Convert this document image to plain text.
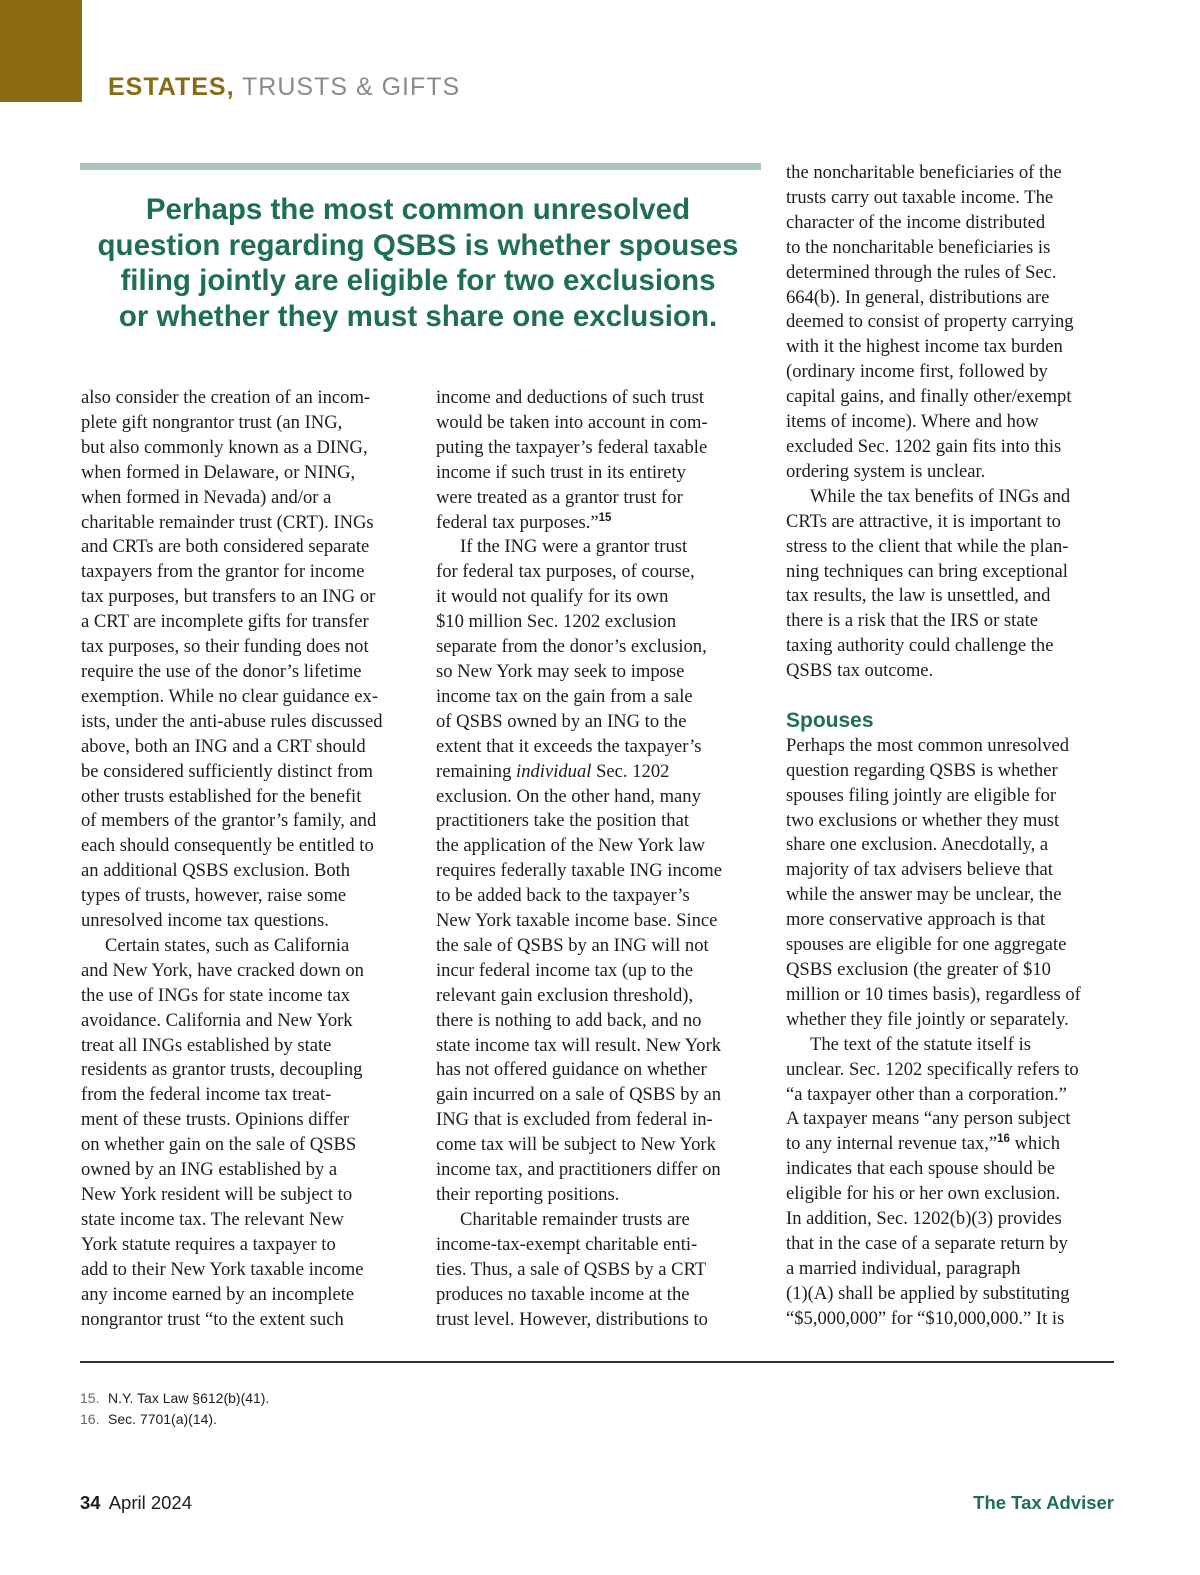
ESTATES, TRUSTS & GIFTS
Perhaps the most common unresolved
question regarding QSBS is whether spouses
filing jointly are eligible for two exclusions
or whether they must share one exclusion.
also consider the creation of an incom-
plete gift nongrantor trust (an ING,
but also commonly known as a DING,
when formed in Delaware, or NING,
when formed in Nevada) and/or a
charitable remainder trust (CRT). INGs
and CRTs are both considered separate
taxpayers from the grantor for income
tax purposes, but transfers to an ING or
a CRT are incomplete gifts for transfer
tax purposes, so their funding does not
require the use of the donor’s lifetime
exemption. While no clear guidance ex-
ists, under the anti-abuse rules discussed
above, both an ING and a CRT should
be considered sufficiently distinct from
other trusts established for the benefit
of members of the grantor’s family, and
each should consequently be entitled to
an additional QSBS exclusion. Both
types of trusts, however, raise some
unresolved income tax questions.
Certain states, such as California
and New York, have cracked down on
the use of INGs for state income tax
avoidance. California and New York
treat all INGs established by state
residents as grantor trusts, decoupling
from the federal income tax treat-
ment of these trusts. Opinions differ
on whether gain on the sale of QSBS
owned by an ING established by a
New York resident will be subject to
state income tax. The relevant New
York statute requires a taxpayer to
add to their New York taxable income
any income earned by an incomplete
nongrantor trust “to the extent such
income and deductions of such trust
would be taken into account in com-
puting the taxpayer’s federal taxable
income if such trust in its entirety
were treated as a grantor trust for
federal tax purposes.”$^{15}$
If the ING were a grantor trust
for federal tax purposes, of course,
it would not qualify for its own
$10 million Sec. 1202 exclusion
separate from the donor’s exclusion,
so New York may seek to impose
income tax on the gain from a sale
of QSBS owned by an ING to the
extent that it exceeds the taxpayer’s
remaining individual Sec. 1202
exclusion. On the other hand, many
practitioners take the position that
the application of the New York law
requires federally taxable ING income
to be added back to the taxpayer’s
New York taxable income base. Since
the sale of QSBS by an ING will not
incur federal income tax (up to the
relevant gain exclusion threshold),
there is nothing to add back, and no
state income tax will result. New York
has not offered guidance on whether
gain incurred on a sale of QSBS by an
ING that is excluded from federal in-
come tax will be subject to New York
income tax, and practitioners differ on
their reporting positions.
Charitable remainder trusts are
income-tax-exempt charitable enti-
ties. Thus, a sale of QSBS by a CRT
produces no taxable income at the
trust level. However, distributions to
the noncharitable beneficiaries of the
trusts carry out taxable income. The
character of the income distributed
to the noncharitable beneficiaries is
determined through the rules of Sec.
664(b). In general, distributions are
deemed to consist of property carrying
with it the highest income tax burden
(ordinary income first, followed by
capital gains, and finally other/exempt
items of income). Where and how
excluded Sec. 1202 gain fits into this
ordering system is unclear.
While the tax benefits of INGs and
CRTs are attractive, it is important to
stress to the client that while the plan-
ning techniques can bring exceptional
tax results, the law is unsettled, and
there is a risk that the IRS or state
taxing authority could challenge the
QSBS tax outcome.
Spouses
Perhaps the most common unresolved
question regarding QSBS is whether
spouses filing jointly are eligible for
two exclusions or whether they must
share one exclusion. Anecdotally, a
majority of tax advisers believe that
while the answer may be unclear, the
more conservative approach is that
spouses are eligible for one aggregate
QSBS exclusion (the greater of $10
million or 10 times basis), regardless of
whether they file jointly or separately.
The text of the statute itself is
unclear. Sec. 1202 specifically refers to
“a taxpayer other than a corporation.”
A taxpayer means “any person subject
to any internal revenue tax,”$^{16}$ which
indicates that each spouse should be
eligible for his or her own exclusion.
In addition, Sec. 1202(b)(3) provides
that in the case of a separate return by
a married individual, paragraph
(1)(A) shall be applied by substituting
“$5,000,000” for “$10,000,000.” It is
15. N.Y. Tax Law §612(b)(41).
16. Sec. 7701(a)(14).
34 April 2024	The Tax Adviser
